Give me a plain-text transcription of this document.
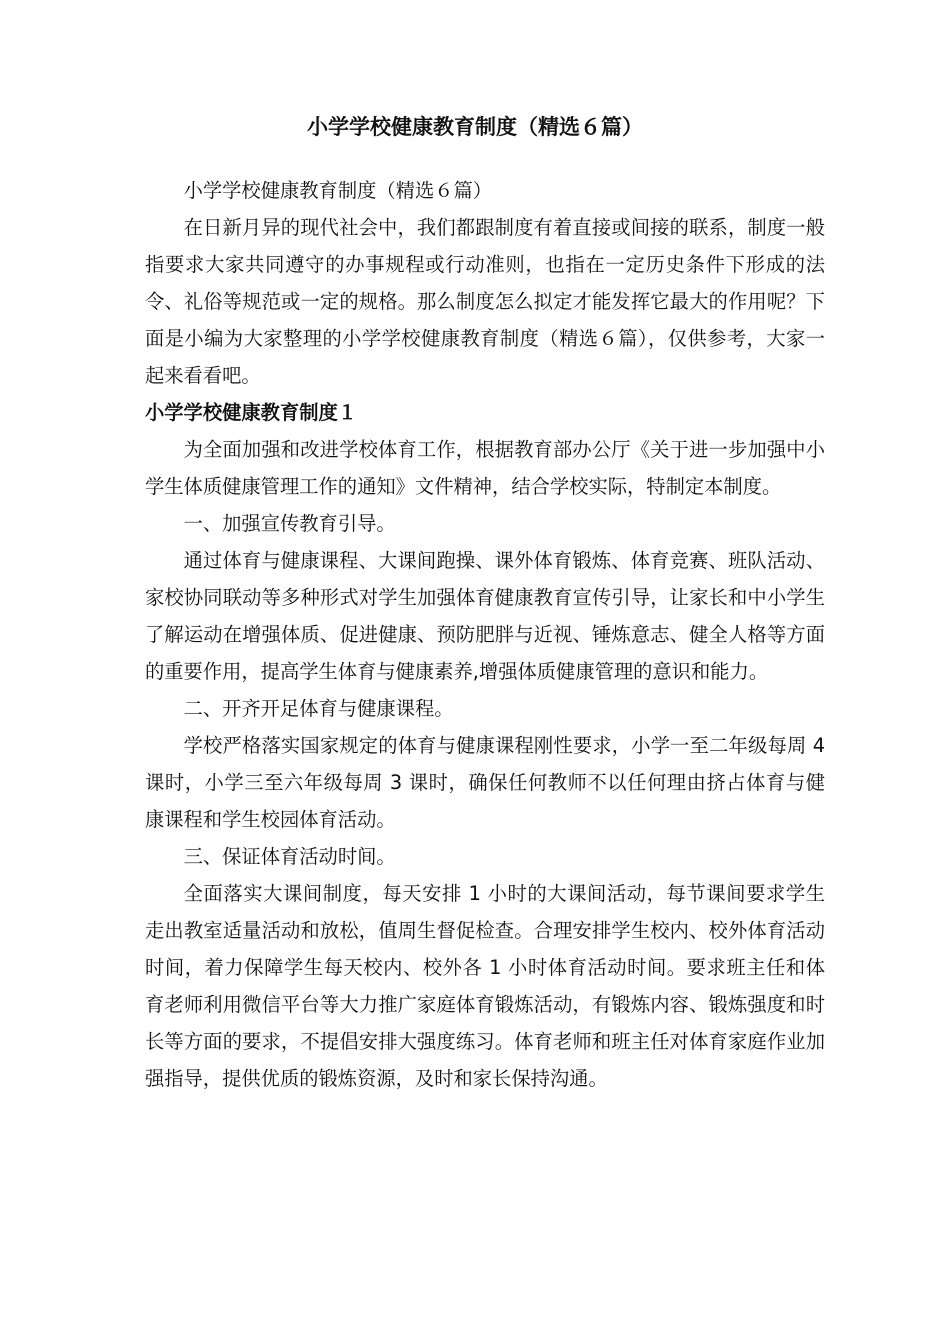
小学学校健康教育制度（精选６篇）

小学学校健康教育制度（精选６篇）

在日新月异的现代社会中，我们都跟制度有着直接或间接的联系，制度一般指要求大家共同遵守的办事规程或行动准则，也指在一定历史条件下形成的法令、礼俗等规范或一定的规格。那么制度怎么拟定才能发挥它最大的作用呢？下面是小编为大家整理的小学学校健康教育制度（精选６篇），仅供参考，大家一起来看看吧。

小学学校健康教育制度１

为全面加强和改进学校体育工作，根据教育部办公厅《关于进一步加强中小学生体质健康管理工作的通知》文件精神，结合学校实际，特制定本制度。

一、加强宣传教育引导。

通过体育与健康课程、大课间跑操、课外体育锻炼、体育竞赛、班队活动、家校协同联动等多种形式对学生加强体育健康教育宣传引导，让家长和中小学生了解运动在增强体质、促进健康、预防肥胖与近视、锤炼意志、健全人格等方面的重要作用，提高学生体育与健康素养,增强体质健康管理的意识和能力。

二、开齐开足体育与健康课程。

学校严格落实国家规定的体育与健康课程刚性要求，小学一至二年级每周 4 课时，小学三至六年级每周 3 课时，确保任何教师不以任何理由挤占体育与健康课程和学生校园体育活动。

三、保证体育活动时间。

全面落实大课间制度，每天安排 1 小时的大课间活动，每节课间要求学生走出教室适量活动和放松，值周生督促检查。合理安排学生校内、校外体育活动时间，着力保障学生每天校内、校外各 1 小时体育活动时间。要求班主任和体育老师利用微信平台等大力推广家庭体育锻炼活动，有锻炼内容、锻炼强度和时长等方面的要求，不提倡安排大强度练习。体育老师和班主任对体育家庭作业加强指导，提供优质的锻炼资源，及时和家长保持沟通。
